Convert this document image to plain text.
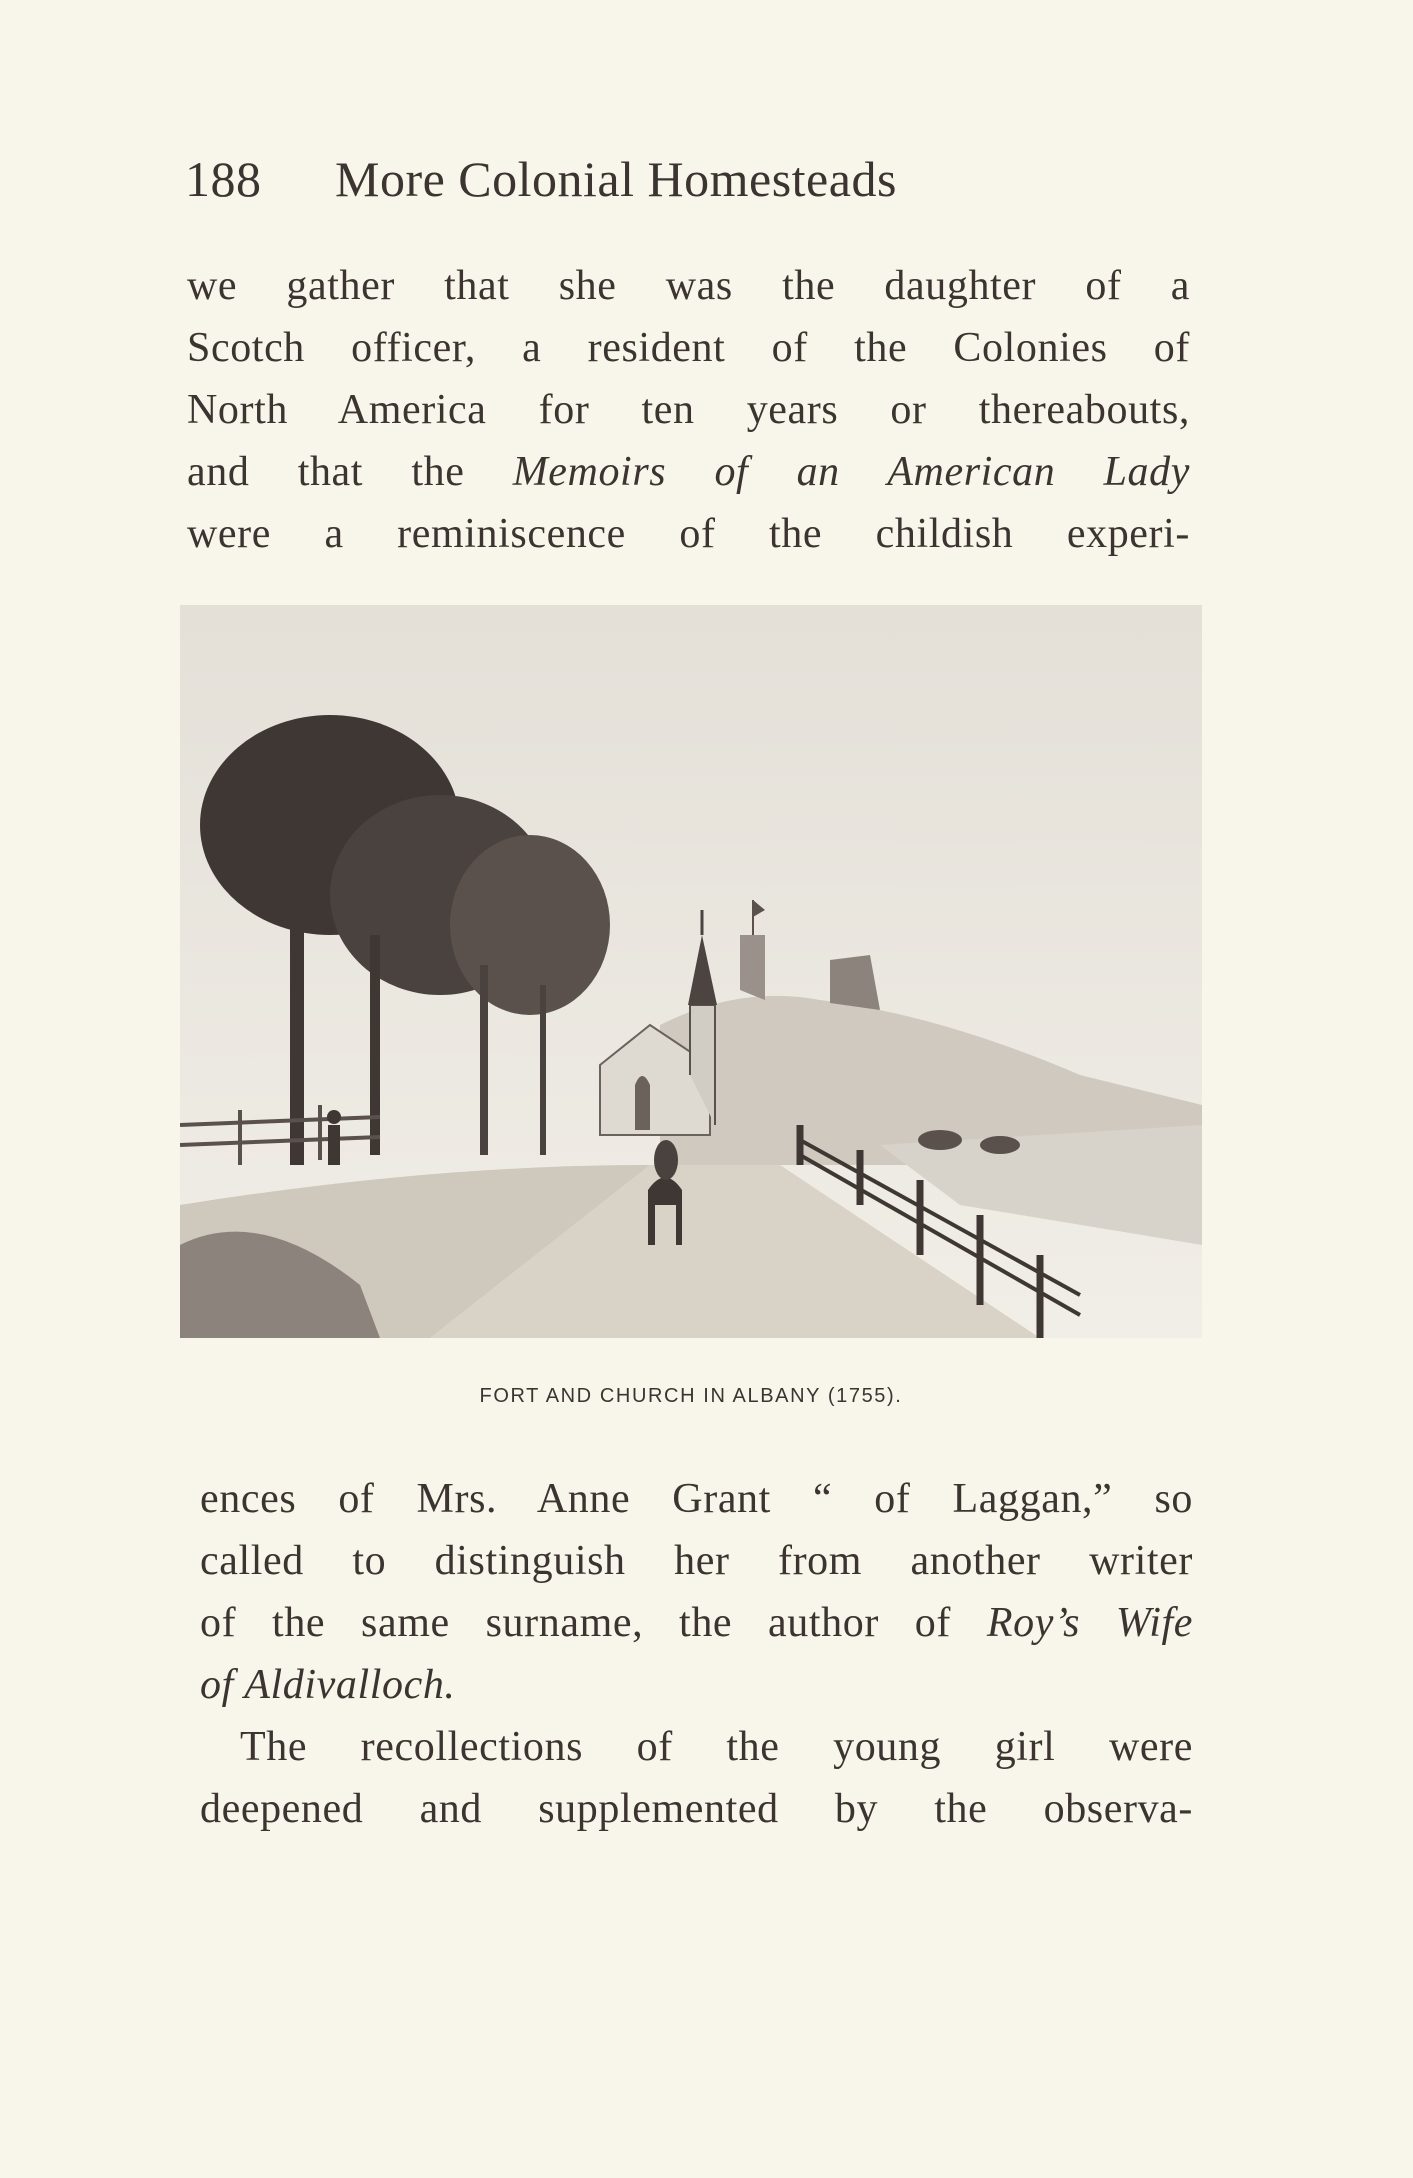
188 More Colonial Homesteads
we gather that she was the daughter of a
Scotch officer, a resident of the Colonies of
North America for ten years or thereabouts,
and that the Memoirs of an American Lady
were a reminiscence of the childish experi-
FORT AND CHURCH IN ALBANY (1755).
ences of Mrs. Anne Grant “ of Laggan,” so
called to distinguish her from another writer
of the same surname, the author of Roy’s Wife
of Aldivalloch.
The recollections of the young girl were
deepened and supplemented by the observa-
